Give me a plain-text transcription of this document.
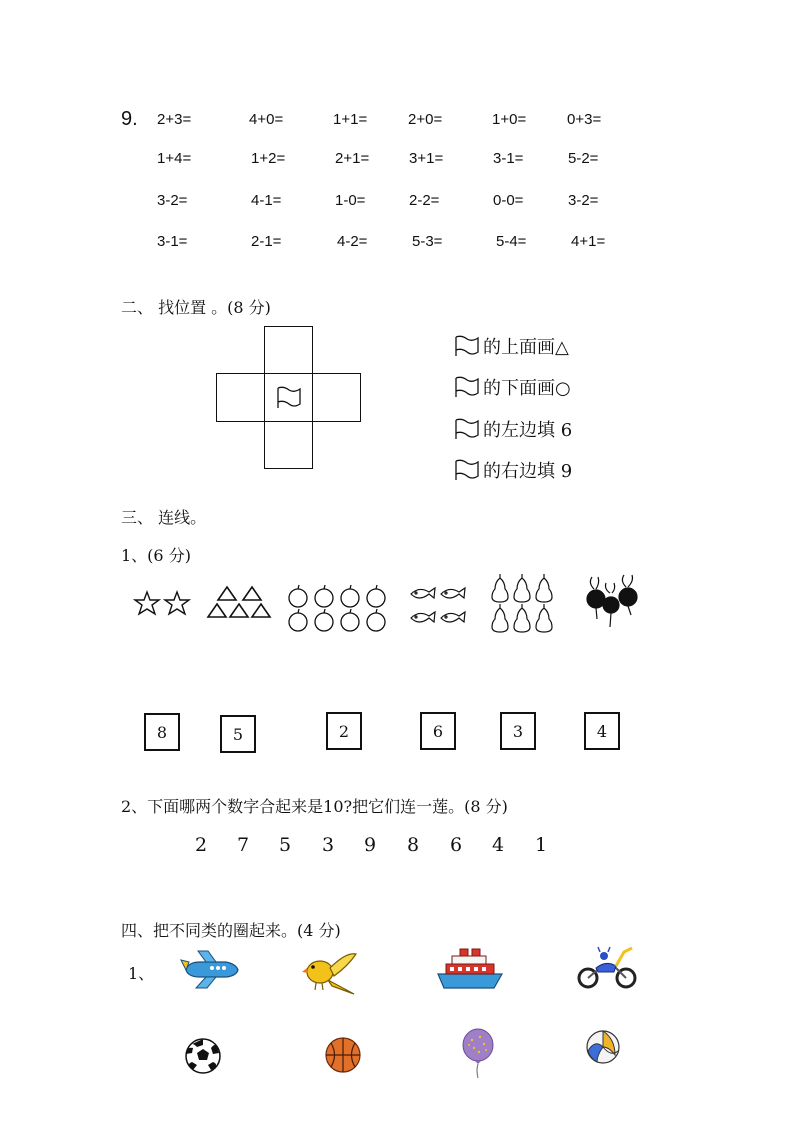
9. 2+3=	4+0=	1+1=	2+0=	1+0=	0+3=
1+4=	1+2=	2+1=	3+1=	3-1=	5-2=
3-2=	4-1=	1-0=	2-2=	0-0=	3-2=
3-1=	2-1=	4-2=	5-3=	5-4=	4+1=
二、 找位置 。(8 分)
的上面画△
的下面画○
的左边填 6
的右边填 9
三、 连线。
1、(6 分)
8	5	2	6	3	4
2、下面哪两个数字合起来是10?把它们连一莲。(8 分)
2 7 5 3 9 8 6 4 1
四、把不同类的圈起来。(4 分)
1、
